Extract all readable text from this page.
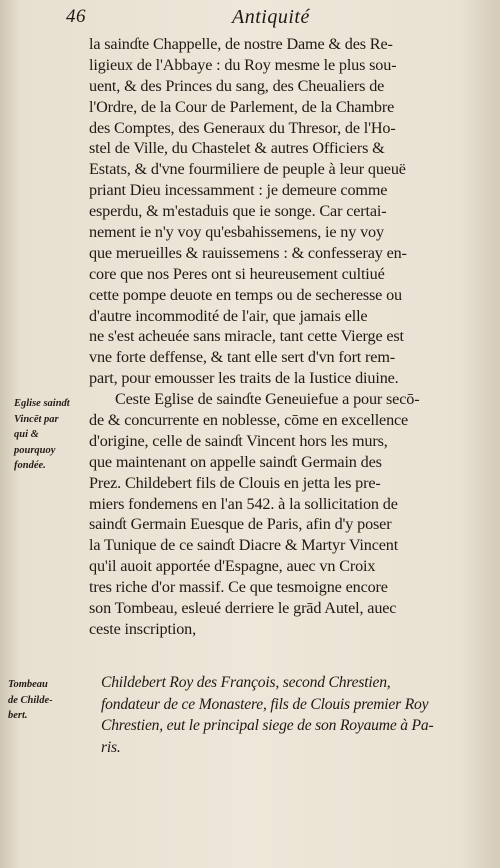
46	Antiquité
la sainɗte Chappelle, de nostre Dame & des Re-
ligieux de l'Abbaye : du Roy mesme le plus sou-
uent, & des Princes du sang, des Cheualiers de
l'Ordre, de la Cour de Parlement, de la Chambre
des Comptes, des Generaux du Thresor, de l'Ho-
stel de Ville, du Chastelet & autres Officiers &
Estats, & d'vne fourmiliere de peuple à leur queuë
priant Dieu incessamment : je demeure comme
esperdu, & m'estaduis que ie songe. Car certai-
nement ie n'y voy qu'esbahissemens, ie ny voy
que merueilles & rauissemens : & confesseray en-
core que nos Peres ont si heureusement cultiué
cette pompe deuote en temps ou de secheresse ou
d'autre incommodité de l'air, que jamais elle
ne s'est acheuée sans miracle, tant cette Vierge est
vne forte deffense, & tant elle sert d'vn fort rem-
part, pour emousser les traits de la Iustice diuine.
Ceste Eglise de sainɗte Geneuiefue a pour secō-
de & concurrente en noblesse, cōme en excellence
d'origine, celle de sainɗt Vincent hors les murs,
que maintenant on appelle sainɗt Germain des
Prez. Childebert fils de Clouis en jetta les pre-
miers fondemens en l'an 542. à la sollicitation de
sainɗt Germain Euesque de Paris, afin d'y poser
la Tunique de ce sainɗt Diacre & Martyr Vincent
qu'il auoit apportée d'Espagne, auec vn Croix
tres riche d'or massif. Ce que tesmoigne encore
son Tombeau, esleué derriere le grād Autel, auec
ceste inscription,
Childebert Roy des François, second Chrestien,
fondateur de ce Monastere, fils de Clouis premier Roy
Chrestien, eut le principal siege de son Royaume à Pa-
ris.
Eglise sainɗt
Vincēt par
qui &
pourquoy
fondée.
Tombeau
de Childe-
bert.
